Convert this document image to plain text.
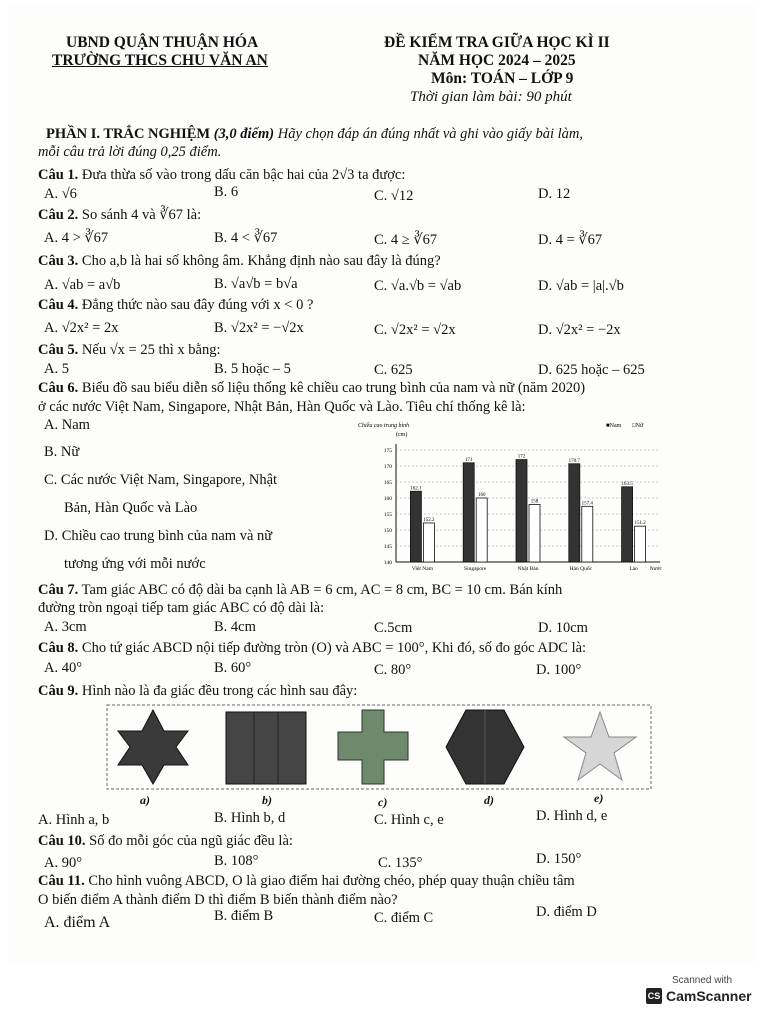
UBND QUẬN THUẬN HÓA
TRƯỜNG THCS CHU VĂN AN
ĐỀ KIỂM TRA GIỮA HỌC KÌ II
NĂM HỌC 2024 – 2025
Môn: TOÁN – LỚP 9
Thời gian làm bài: 90 phút
PHẦN I. TRẮC NGHIỆM (3,0 điểm) Hãy chọn đáp án đúng nhất và ghi vào giấy bài làm,
mỗi câu trả lời đúng 0,25 điểm.
Câu 1. Đưa thừa số vào trong dấu căn bậc hai của 2√3 ta được:
A. √6	B. 6	C. √12	D. 12
Câu 2. So sánh 4 và ∛67 là:
A. 4 > ∛67	B. 4 < ∛67	C. 4 ≥ ∛67	D. 4 = ∛67
Câu 3. Cho a,b là hai số không âm. Khẳng định nào sau đây là đúng?
A. √ab = a√b	B. √a√b = b√a	C. √a.√b = √ab	D. √ab = |a|.√b
Câu 4. Đẳng thức nào sau đây đúng với x < 0 ?
A. √2x² = 2x	B. √2x² = −√2x	C. √2x² = √2x	D. √2x² = −2x
Câu 5. Nếu √x = 25 thì x bằng:
A. 5	B. 5 hoặc – 5	C. 625	D. 625 hoặc – 625
Câu 6. Biểu đồ sau biểu diễn số liệu thống kê chiều cao trung bình của nam và nữ (năm 2020)
ở các nước Việt Nam, Singapore, Nhật Bản, Hàn Quốc và Lào. Tiêu chí thống kê là:
A. Nam
B. Nữ
C. Các nước Việt Nam, Singapore, Nhật
Bản, Hàn Quốc và Lào
D. Chiều cao trung bình của nam và nữ
tương ứng với mỗi nước
Chiều cao trung bình
(cm)
■Nam □Nữ
140
145
150
155
160
165
170
175
Việt Nam
162.1
152.2
Singapore
171
160
Nhật Bản
172
158
Hàn Quốc
170.7
157.4
Lào
163.5
151.2
Nước
Câu 7. Tam giác ABC có độ dài ba cạnh là AB = 6 cm, AC = 8 cm, BC = 10 cm. Bán kính
đường tròn ngoại tiếp tam giác ABC có độ dài là:
A. 3cm	B. 4cm	C.5cm	D. 10cm
Câu 8. Cho tứ giác ABCD nội tiếp đường tròn (O) và ABC = 100°, Khi đó, số đo góc ADC là:
A. 40°	B. 60°	C. 80°	D. 100°
Câu 9. Hình nào là đa giác đều trong các hình sau đây:
a)	b)	c)	d)	e)
A. Hình a, b	B. Hình b, d	C. Hình c, e	D. Hình d, e
Câu 10. Số đo mỗi góc của ngũ giác đều là:
A. 90°	B. 108°	C. 135°	D. 150°
Câu 11. Cho hình vuông ABCD, O là giao điểm hai đường chéo, phép quay thuận chiều tâm
O biến điểm A thành điểm D thì điểm B biến thành điểm nào?
A. điểm A	B. điểm B	C. điểm C	D. điểm D
Scanned with
CS CamScanner
